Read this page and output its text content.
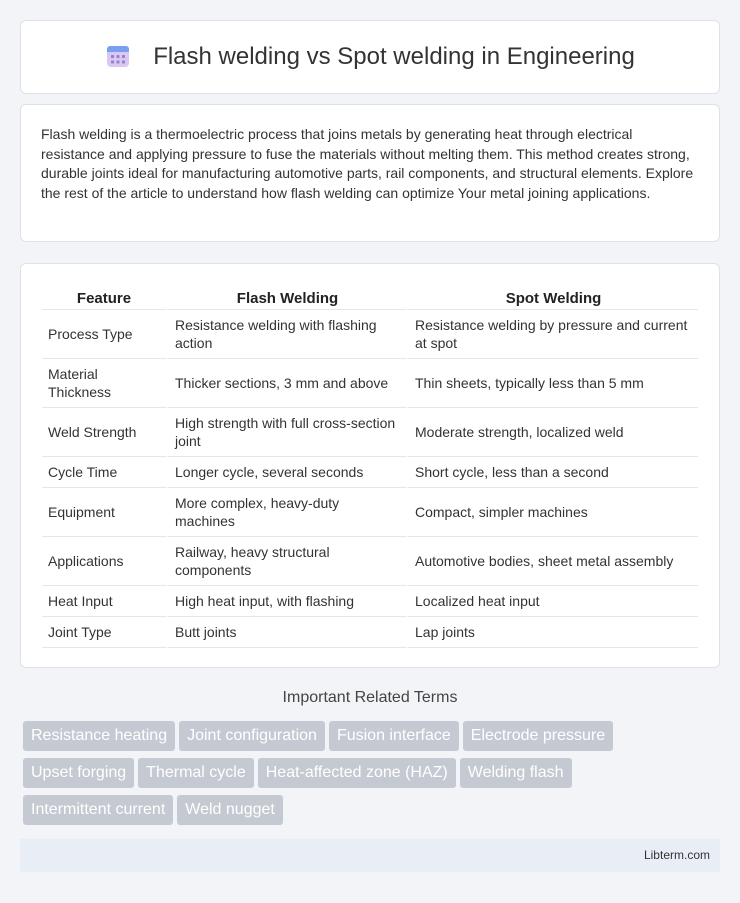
Flash welding vs Spot welding in Engineering

Flash welding is a thermoelectric process that joins metals by generating heat through electrical resistance and applying pressure to fuse the materials without melting them. This method creates strong, durable joints ideal for manufacturing automotive parts, rail components, and structural elements. Explore the rest of the article to understand how flash welding can optimize Your metal joining applications.

Feature	Flash Welding	Spot Welding
Process Type	Resistance welding with flashing action	Resistance welding by pressure and current at spot
Material Thickness	Thicker sections, 3 mm and above	Thin sheets, typically less than 5 mm
Weld Strength	High strength with full cross-section joint	Moderate strength, localized weld
Cycle Time	Longer cycle, several seconds	Short cycle, less than a second
Equipment	More complex, heavy-duty machines	Compact, simpler machines
Applications	Railway, heavy structural components	Automotive bodies, sheet metal assembly
Heat Input	High heat input, with flashing	Localized heat input
Joint Type	Butt joints	Lap joints
Important Related Terms
Resistance heating	Joint configuration	Fusion interface	Electrode pressure
Upset forging	Thermal cycle	Heat-affected zone (HAZ)	Welding flash
Intermittent current	Weld nugget
Libterm.com
